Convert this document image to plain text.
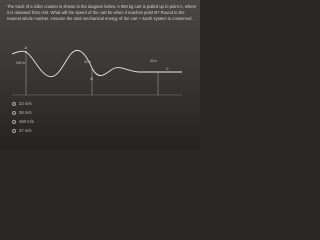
The track of a roller coaster is shown in the diagram below. A 950 kg cart is pulled up to point A, where it is released from rest. What will the speed of the cart be when it reaches point B? Round to the nearest whole number. Assume the total mechanical energy of the cart + Earth system is conserved.

100 m	30 m	40 m
A
B
C
33 m/s
38 m/s
460 m/s
37 m/s
